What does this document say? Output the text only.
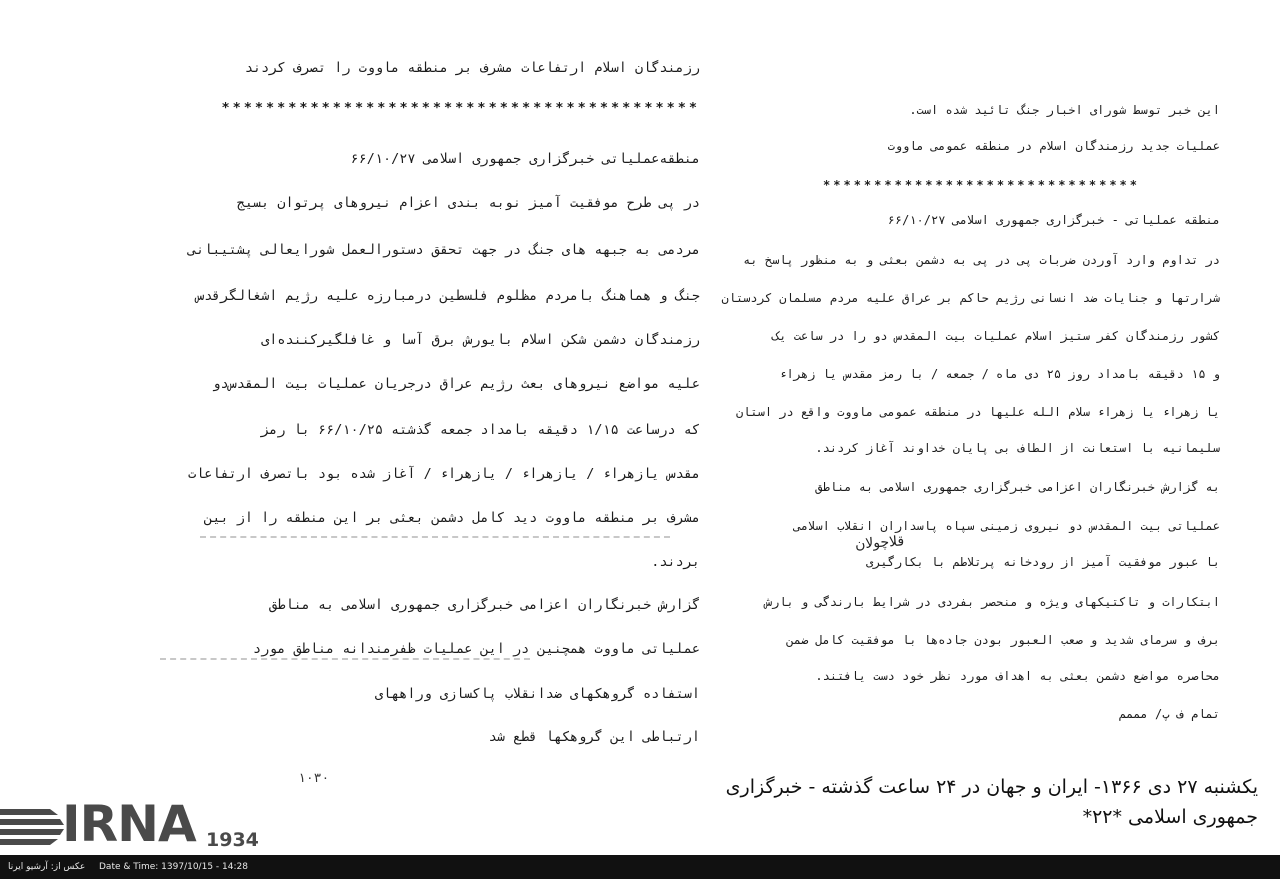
رزمندگان اسلام ارتفاعات مشرف بر منطقه ماووت را تصرف کردند
*******************************************
منطقه‌عملیاتی خبرگزاری جمهوری اسلامی ۶۶/۱۰/۲۷
در پی طرح موفقیت آمیز نوبه بندی اعزام نیروهای پرتوان بسیج
مردمی به جبهه های جنگ در جهت تحقق دستورالعمل شورایعالی پشتیبانی
جنگ و هماهنگ بامردم مظلوم فلسطین درمبارزه علیه رژیم اشغالگرقدس
رزمندگان دشمن شکن اسلام بایورش برق آسا و غافلگیرکننده‌ای
علیه مواضع نیروهای بعث رژیم عراق درجریان عملیات بیت المقدس‌دو
که درساعت ۱/۱۵ دقیقه بامداد جمعه گذشته ۶۶/۱۰/۲۵ با رمز
مقدس یازهراء / یازهراء / یازهراء / آغاز شده بود باتصرف ارتفاعات
مشرف بر منطقه ماووت دید کامل دشمن بعثی بر این منطقه را از بین
بردند.
گزارش خبرنگاران اعزامی خبرگزاری جمهوری اسلامی به مناطق
عملیاتی ماووت همچنین در این عملیات ظفرمندانه مناطق مورد
استفاده گروهکهای ضدانقلاب پاکسازی وراههای
ارتباطی این گروهکها قطع شد
این خبر توسط شورای اخبار جنگ تائید شده است.
عملیات جدید رزمندگان اسلام در منطقه عمومی ماووت
*******************************
منطقه عملیاتی - خبرگزاری جمهوری اسلامی ۶۶/۱۰/۲۷
در تداوم وارد آوردن ضربات پی در پی به دشمن بعثی و به منظور پاسخ به
شرارتها و جنایات ضد انسانی رژیم حاکم بر عراق علیه مردم مسلمان کردستان
کشور رزمندگان کفر ستیز اسلام عملیات بیت المقدس دو را در ساعت یک
و ۱۵ دقیقه بامداد روز ۲۵ دی ماه / جمعه / با رمز مقدس یا زهراء
یا زهراء یا زهراء سلام الله علیها در منطقه عمومی ماووت واقع در استان
سلیمانیه با استعانت از الطاف بی پایان خداوند آغاز کردند.
به گزارش خبرنگاران اعزامی خبرگزاری جمهوری اسلامی به مناطق
عملیاتی بیت المقدس دو نیروی زمینی سپاه پاسداران انقلاب اسلامی
با عبور موفقیت آمیز از رودخانه پرتلاطم با بکارگیری
ابتکارات و تاکتیکهای ویژه و منحصر بفردی در شرایط بارندگی و بارش
برف و سرمای شدید و صعب العبور بودن جاده‌ها با موفقیت کامل ضمن
محاصره مواضع دشمن بعثی به اهداف مورد نظر خود دست یافتند.
تمام ف پ/ مممم
قلاچولان
۱۰۳۰	یکشنبه ۲۷ دی ۱۳۶۶- ایران و جهان در ۲۴ ساعت گذشته - خبرگزاری جمهوری اسلامی *۲۲*
IRNA 1934
عکس از: آرشیو ایرنا Date & Time: 1397/10/15 - 14:28
